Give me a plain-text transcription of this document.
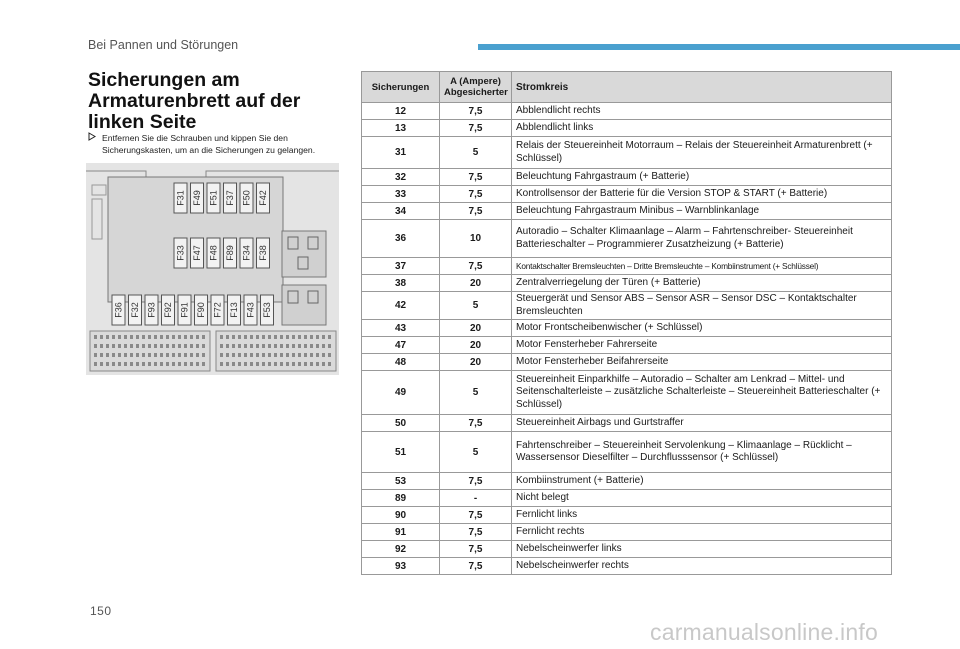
Bei Pannen und Störungen
Sicherungen am Armaturenbrett auf der linken Seite
Entfernen Sie die Schrauben und kippen Sie den Sicherungskasten, um an die Sicherungen zu gelangen.
F31 F49 F51 F37 F50 F42
F33 F47 F48 F89 F34 F38
F36 F32 F93 F92 F91 F90 F72 F13 F43 F53
Sicherungen	A (Ampere) Abgesicherter	Stromkreis
12	7,5	Abblendlicht rechts
13	7,5	Abblendlicht links
31	5	Relais der Steuereinheit Motorraum – Relais der Steuereinheit Armaturenbrett (+ Schlüssel)
32	7,5	Beleuchtung Fahrgastraum (+ Batterie)
33	7,5	Kontrollsensor der Batterie für die Version STOP & START (+ Batterie)
34	7,5	Beleuchtung Fahrgastraum Minibus – Warnblinkanlage
36	10	Autoradio – Schalter Klimaanlage – Alarm – Fahrtenschreiber- Steuereinheit Batterieschalter – Programmierer Zusatzheizung (+ Batterie)
37	7,5	Kontaktschalter Bremsleuchten – Dritte Bremsleuchte – Kombiinstrument (+ Schlüssel)
38	20	Zentralverriegelung der Türen (+ Batterie)
42	5	Steuergerät und Sensor ABS – Sensor ASR – Sensor DSC – Kontaktschalter Bremsleuchten
43	20	Motor Frontscheibenwischer (+ Schlüssel)
47	20	Motor Fensterheber Fahrerseite
48	20	Motor Fensterheber Beifahrerseite
49	5	Steuereinheit Einparkhilfe – Autoradio – Schalter am Lenkrad – Mittel- und Seitenschalterleiste – zusätzliche Schalterleiste – Steuereinheit Batterieschalter (+ Schlüssel)
50	7,5	Steuereinheit Airbags und Gurtstraffer
51	5	Fahrtenschreiber – Steuereinheit Servolenkung – Klimaanlage – Rücklicht – Wassersensor Dieselfilter – Durchflusssensor (+ Schlüssel)
53	7,5	Kombiinstrument (+ Batterie)
89	-	Nicht belegt
90	7,5	Fernlicht links
91	7,5	Fernlicht rechts
92	7,5	Nebelscheinwerfer links
93	7,5	Nebelscheinwerfer rechts
150
carmanualsonline.info
